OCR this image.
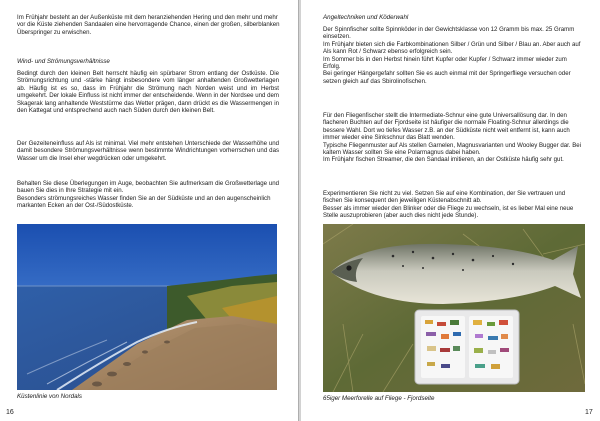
Im Frühjahr besteht an der Außenküste mit dem heranziehenden Hering und den mehr und mehr vor die Küste ziehenden Sandaalen eine hervorragende Chance, einen der großen, silberblanken Überspringer zu erwischen.

Wind- und Strömungsverhältnisse

Bedingt durch den kleinen Belt herrscht häufig ein spürbarer Strom entlang der Ostküste. Die Strömungsrichtung und -stärke hängt insbesondere vom länger anhaltenden Großwetterlagen ab. Häufig ist es so, dass im Frühjahr die Strömung nach Norden weist und im Herbst umgekehrt. Der lokale Einfluss ist nicht immer der entscheidende. Wenn in der Nordsee und dem Skagerak lang anhaltende Weststürme das Wetter prägen, dann drückt es die Wassermengen in den Kattegat und entsprechend auch nach Süden durch den kleinen Belt.

Der Gezeiteneinfluss auf Als ist minimal. Viel mehr entstehen Unterschiede der Wasserhöhe und damit besondere Strömungsverhältnisse wenn bestimmte Windrichtungen vorherrschen und das Wasser um die Insel eher wegdrücken oder umgekehrt.

Behalten Sie diese Überlegungen im Auge, beobachten Sie aufmerksam die Großwetterlage und bauen Sie dies in Ihre Strategie mit ein.

Besonders strömungsreiches Wasser finden Sie an der Südküste und an den augenscheinlich markanten Ecken an der Ost-/Südostküste.

Küstenlinie von Nordals

16

Angeltechniken und Köderwahl

Der Spinnfischer sollte Spinnköder in der Gewichtsklasse von 12 Gramm bis max. 25 Gramm einsetzen.

Im Frühjahr bieten sich die Farbkombinationen Silber / Grün und Silber / Blau an. Aber auch auf Als kann Rot / Schwarz ebenso erfolgreich sein.

Im Sommer bis in den Herbst hinein führt Kupfer oder Kupfer / Schwarz immer wieder zum Erfolg.

Bei geringer Hängergefahr sollten Sie es auch einmal mit der Springerfliege versuchen oder setzen gleich auf das Sbirolinofischen.

Für den Fliegenfischer stellt die Intermediate-Schnur eine gute Universallösung dar. In den flacheren Buchten auf der Fjordseite ist häufiger die normale Floating-Schnur allerdings die bessere Wahl. Dort wo tiefes Wasser z.B. an der Südküste nicht weit entfernt ist, kann auch immer wieder eine Sinkschnur das Blatt wenden.

Typische Fliegenmuster auf Als stellen Garnelen, Magnusvarianten und Wooley Bugger dar. Bei kaltem Wasser sollten Sie eine Polarmagnus dabei haben.

Im Frühjahr fischen Streamer, die den Sandaal imitieren, an der Ostküste häufig sehr gut.

Experimentieren Sie nicht zu viel. Setzen Sie auf eine Kombination, der Sie vertrauen und fischen Sie konsequent den jeweiligen Küstenabschnitt ab.

Besser als immer wieder den Blinker oder die Fliege zu wechseln, ist es lieber Mal eine neue Stelle auszuprobieren (aber auch dies nicht jede Stunde).

65iger Meerforelle auf Fliege - Fjordseite

17
